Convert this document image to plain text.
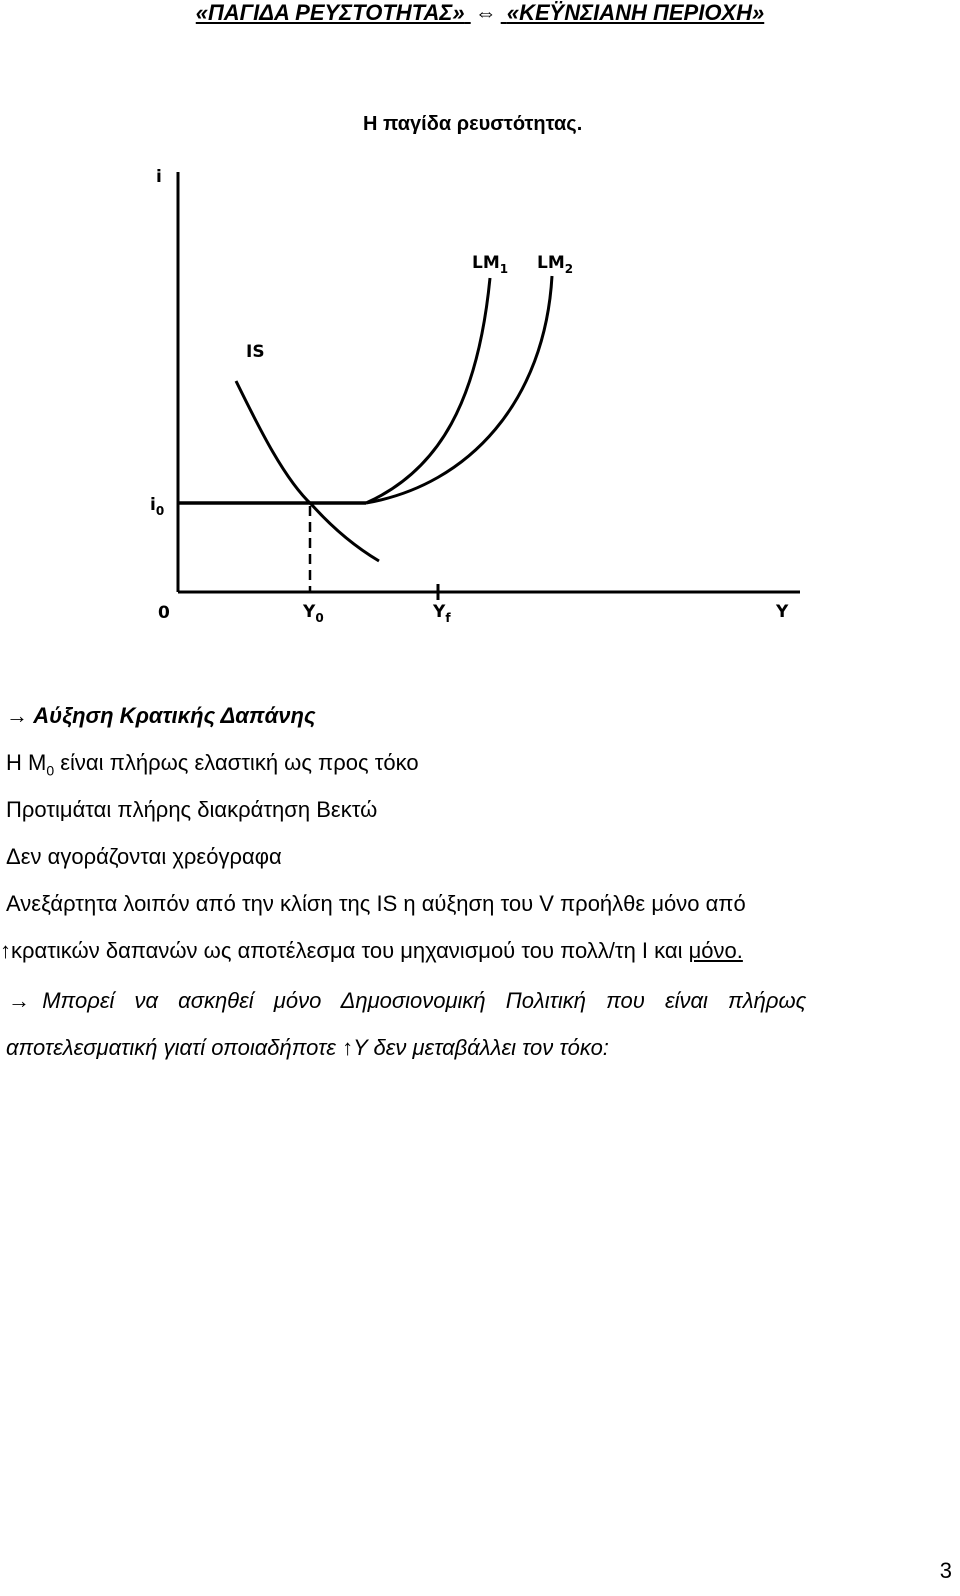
«ΠΑΓΙΔΑ ΡΕΥΣΤΟΤΗΤΑΣ» ⇔ «ΚΕΫΝΣΙΑΝΗ ΠΕΡΙΟΧΗ»
Η παγίδα ρευστότητας.
i
Y
0
$i_0$
$Y_0$	$Y_f$
IS
$LM_1$ $LM_2$
→ Αύξηση Κρατικής Δαπάνης
Η $M_0$ είναι πλήρως ελαστική ως προς τόκο
Προτιμάται πλήρης διακράτηση Βεκτώ
Δεν αγοράζονται χρεόγραφα
Ανεξάρτητα λοιπόν από την κλίση της IS η αύξηση του V προήλθε μόνο από
↑κρατικών δαπανών ως αποτέλεσμα του μηχανισμού του πολλ/τη I και μόνο.
→ Μπορεί να ασκηθεί μόνο Δημοσιονομική Πολιτική που είναι πλήρως
αποτελεσματική γιατί οποιαδήποτε ↑Y δεν μεταβάλλει τον τόκο:
3
